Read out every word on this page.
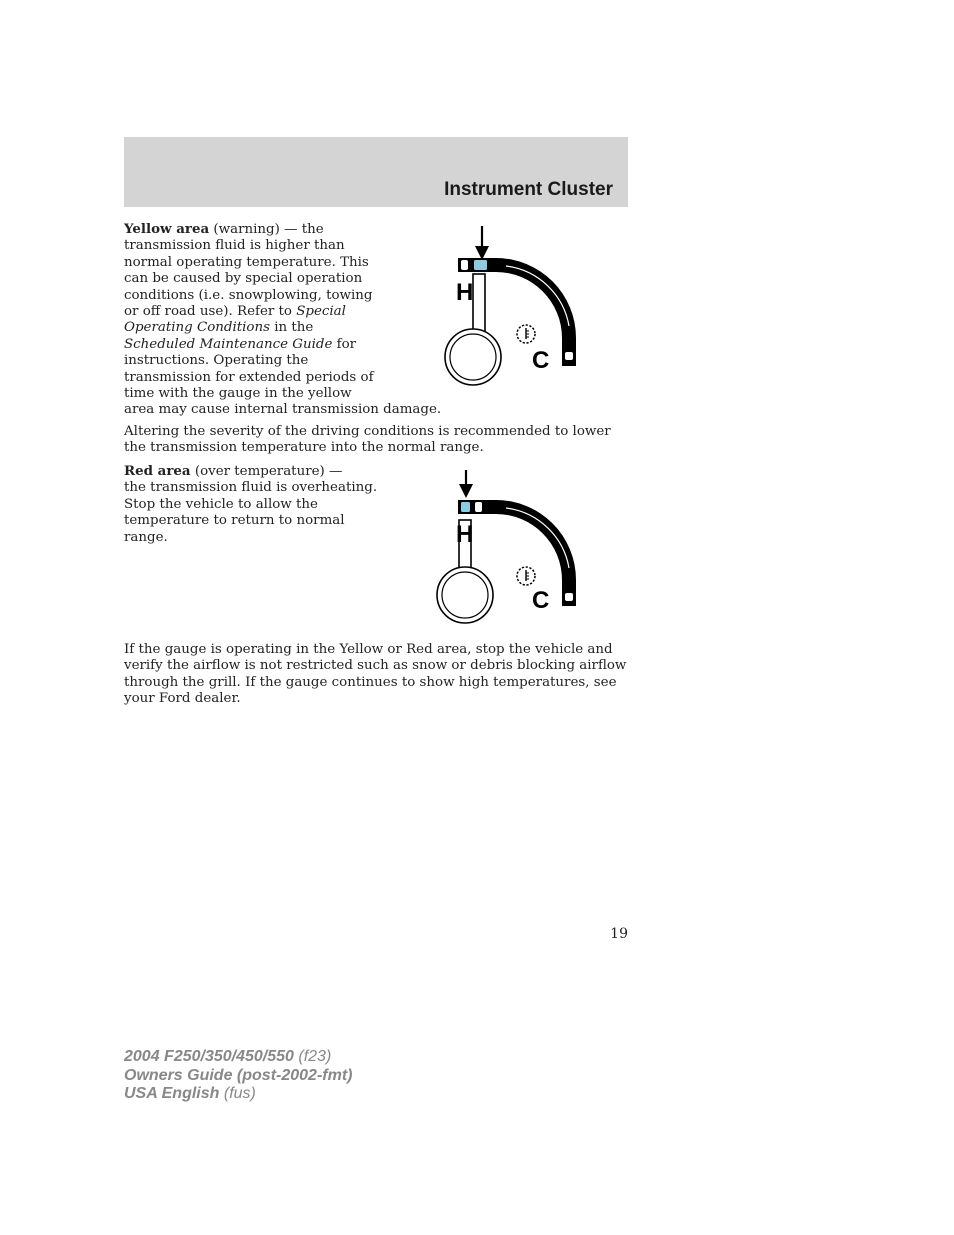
Instrument Cluster
Yellow area (warning) — the
transmission fluid is higher than
normal operating temperature. This
can be caused by special operation
conditions (i.e. snowplowing, towing
or off road use). Refer to Special
Operating Conditions in the
Scheduled Maintenance Guide for
instructions. Operating the
transmission for extended periods of
time with the gauge in the yellow
area may cause internal transmission damage.
H
C
Altering the severity of the driving conditions is recommended to lower
the transmission temperature into the normal range.
Red area (over temperature) —
the transmission fluid is overheating.
Stop the vehicle to allow the
temperature to return to normal
range.	H
C
If the gauge is operating in the Yellow or Red area, stop the vehicle and
verify the airflow is not restricted such as snow or debris blocking airflow
through the grill. If the gauge continues to show high temperatures, see
your Ford dealer.
19
2004 F250/350/450/550 (f23)
Owners Guide (post-2002-fmt)
USA English (fus)
